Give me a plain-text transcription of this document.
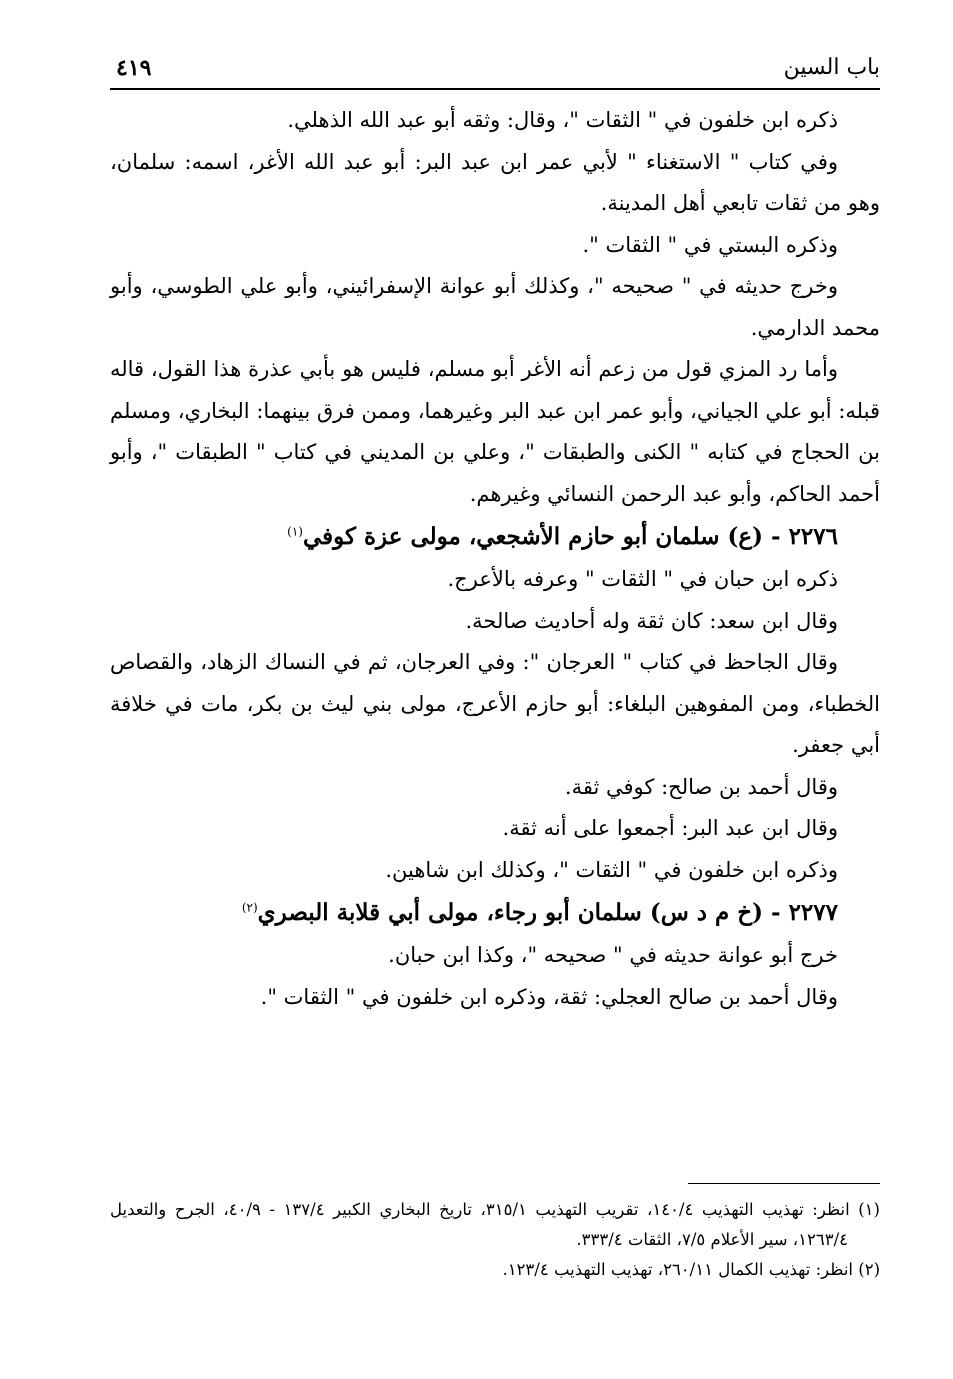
باب السين
٤١٩

ذكره ابن خلفون في " الثقات "، وقال: وثقه أبو عبد الله الذهلي.

وفي كتاب " الاستغناء " لأبي عمر ابن عبد البر: أبو عبد الله الأغر، اسمه: سلمان، وهو من ثقات تابعي أهل المدينة.

وذكره البستي في " الثقات ".

وخرج حديثه في " صحيحه "، وكذلك أبو عوانة الإسفرائيني، وأبو علي الطوسي، وأبو محمد الدارمي.

وأما رد المزي قول من زعم أنه الأغر أبو مسلم، فليس هو بأبي عذرة هذا القول، قاله قبله: أبو علي الجياني، وأبو عمر ابن عبد البر وغيرهما، وممن فرق بينهما: البخاري، ومسلم بن الحجاج في كتابه " الكنى والطبقات "، وعلي بن المديني في كتاب " الطبقات "، وأبو أحمد الحاكم، وأبو عبد الرحمن النسائي وغيرهم.

٢٢٧٦ - (ع) سلمان أبو حازم الأشجعي، مولى عزة كوفي$^{(١)}$

ذكره ابن حبان في " الثقات " وعرفه بالأعرج.

وقال ابن سعد: كان ثقة وله أحاديث صالحة.

وقال الجاحظ في كتاب " العرجان ": وفي العرجان، ثم في النساك الزهاد، والقصاص الخطباء، ومن المفوهين البلغاء: أبو حازم الأعرج، مولى بني ليث بن بكر، مات في خلافة أبي جعفر.

وقال أحمد بن صالح: كوفي ثقة.

وقال ابن عبد البر: أجمعوا على أنه ثقة.

وذكره ابن خلفون في " الثقات "، وكذلك ابن شاهين.

٢٢٧٧ - (خ م د س) سلمان أبو رجاء، مولى أبي قلابة البصري$^{(٢)}$

خرج أبو عوانة حديثه في " صحيحه "، وكذا ابن حبان.

وقال أحمد بن صالح العجلي: ثقة، وذكره ابن خلفون في " الثقات ".

(١) انظر: تهذيب التهذيب ١٤٠/٤، تقريب التهذيب ٣١٥/١، تاريخ البخاري الكبير ١٣٧/٤ - ٤٠/٩، الجرح والتعديل ١٢٦٣/٤، سير الأعلام ٧/٥، الثقات ٣٣٣/٤.

(٢) انظر: تهذيب الكمال ٢٦٠/١١، تهذيب التهذيب ١٢٣/٤.
